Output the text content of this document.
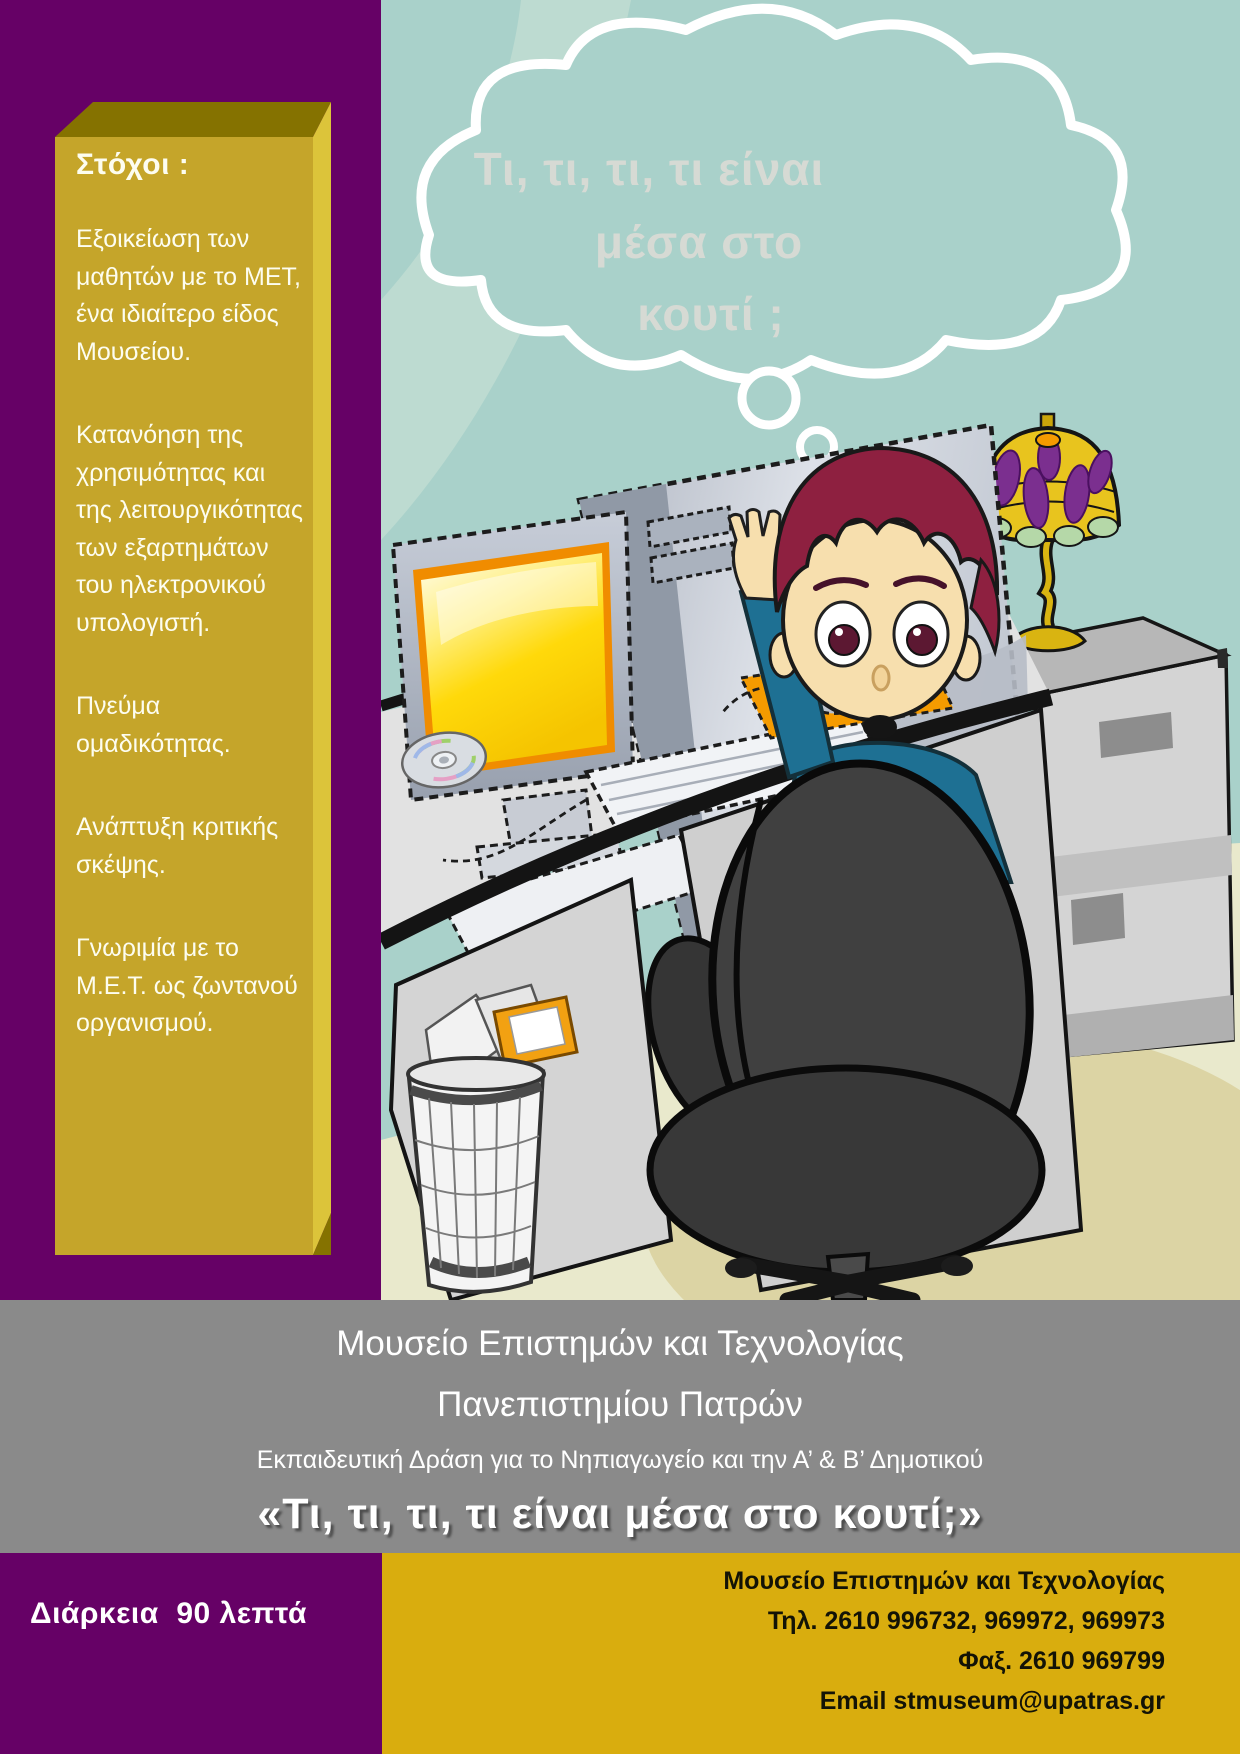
Στόχοι :

Εξοικείωση των μαθητών με το ΜΕΤ, ένα ιδιαίτερο είδος Μουσείου.

Κατανόηση της χρησιμότητας και της λειτουργικότητας των εξαρτημάτων του ηλεκτρονικού υπολογιστή.

Πνεύμα ομαδικότητας.

Ανάπτυξη κριτικής σκέψης.

Γνωριμία με το Μ.Ε.Τ. ως ζωντανού οργανισμού.

Τι, τι, τι, τι είναι
μέσα στο
κουτί ;
Μουσείο Επιστημών και Τεχνολογίας
Πανεπιστημίου Πατρών
Εκπαιδευτική Δράση για το Νηπιαγωγείο και την Α’ & Β’ Δημοτικού
«Τι, τι, τι, τι είναι μέσα στο κουτί;»
Διάρκεια  90 λεπτά
Μουσείο Επιστημών και Τεχνολογίας
Τηλ. 2610 996732, 969972, 969973
Φαξ. 2610 969799
Email stmuseum@upatras.gr
